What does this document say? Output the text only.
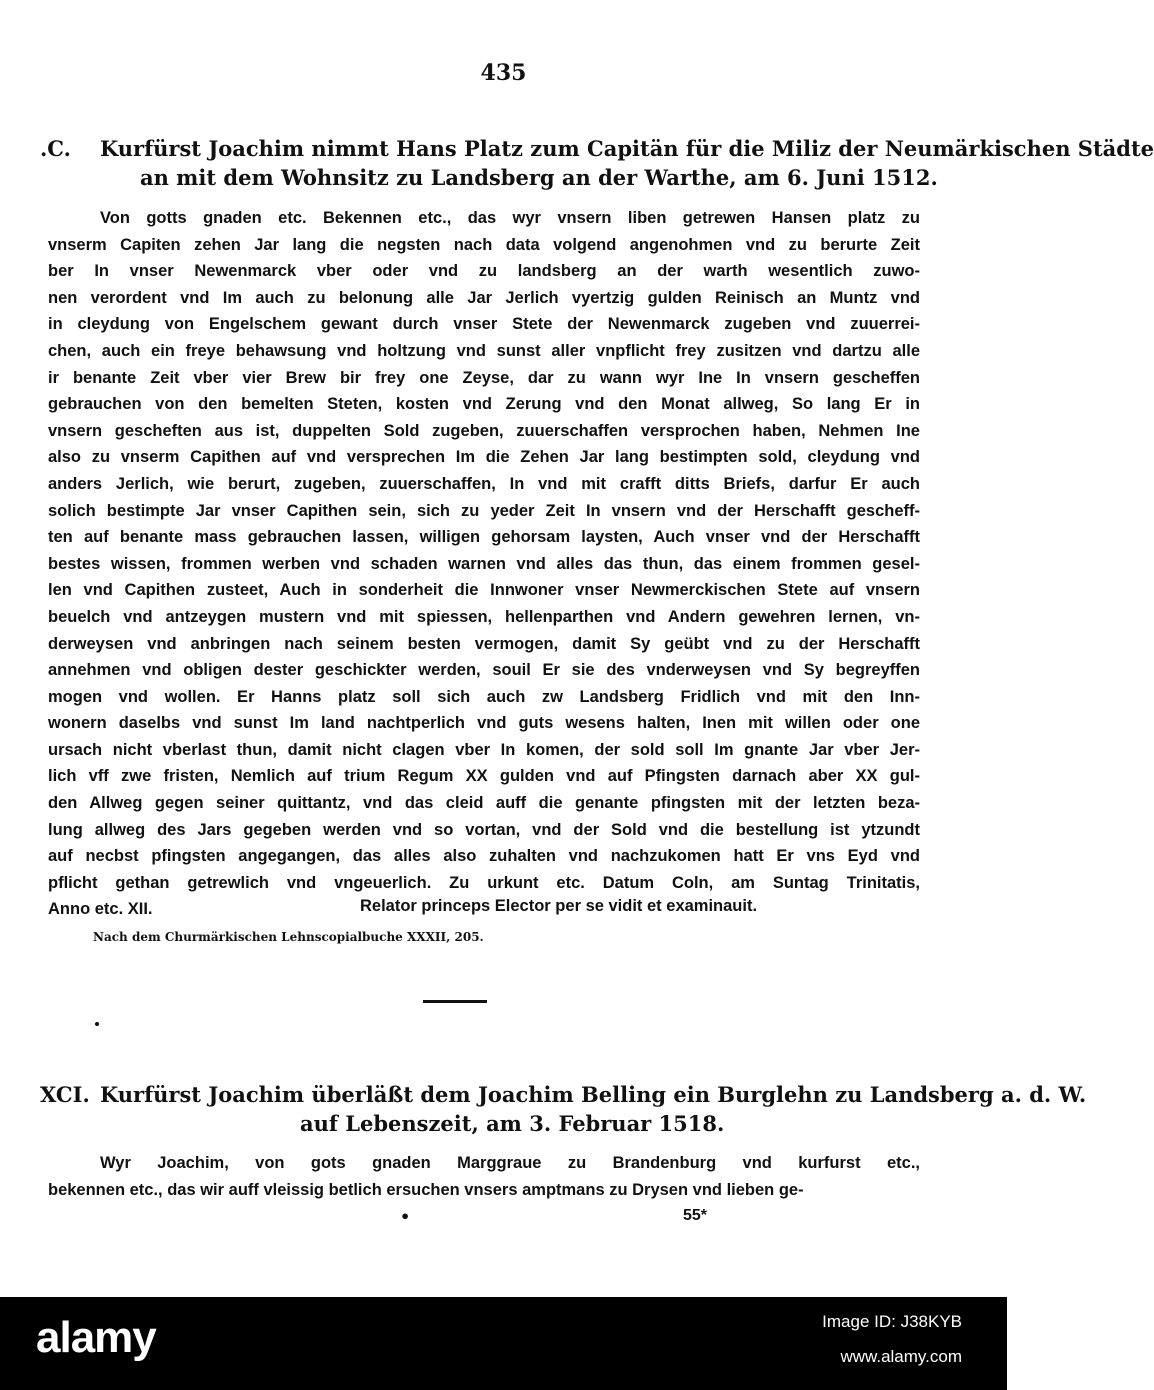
435
.C.	Kurfürst Joachim nimmt Hans Platz zum Capitän für die Miliz der Neumärkischen Städte
an mit dem Wohnsitz zu Landsberg an der Warthe, am 6. Juni 1512.
Von gotts gnaden etc. Bekennen etc., das wyr vnsern liben getrewen Hansen platz zu
vnserm Capiten zehen Jar lang die negsten nach data volgend angenohmen vnd zu berurte Zeit
ber In vnser Newenmarck vber oder vnd zu landsberg an der warth wesentlich zuwo-
nen verordent vnd Im auch zu belonung alle Jar Jerlich vyertzig gulden Reinisch an Muntz vnd
in cleydung von Engelschem gewant durch vnser Stete der Newenmarck zugeben vnd zuuerrei-
chen, auch ein freye behawsung vnd holtzung vnd sunst aller vnpflicht frey zusitzen vnd dartzu alle
ir benante Zeit vber vier Brew bir frey one Zeyse, dar zu wann wyr Ine In vnsern gescheffen
gebrauchen von den bemelten Steten, kosten vnd Zerung vnd den Monat allweg, So lang Er in
vnsern gescheften aus ist, duppelten Sold zugeben, zuuerschaffen versprochen haben, Nehmen Ine
also zu vnserm Capithen auf vnd versprechen Im die Zehen Jar lang bestimpten sold, cleydung vnd
anders Jerlich, wie berurt, zugeben, zuuerschaffen, In vnd mit crafft ditts Briefs, darfur Er auch
solich bestimpte Jar vnser Capithen sein, sich zu yeder Zeit In vnsern vnd der Herschafft gescheff-
ten auf benante mass gebrauchen lassen, willigen gehorsam laysten, Auch vnser vnd der Herschafft
bestes wissen, frommen werben vnd schaden warnen vnd alles das thun, das einem frommen gesel-
len vnd Capithen zusteet, Auch in sonderheit die Innwoner vnser Newmerckischen Stete auf vnsern
beuelch vnd antzeygen mustern vnd mit spiessen, hellenparthen vnd Andern gewehren lernen, vn-
derweysen vnd anbringen nach seinem besten vermogen, damit Sy geübt vnd zu der Herschafft
annehmen vnd obligen dester geschickter werden, souil Er sie des vnderweysen vnd Sy begreyffen
mogen vnd wollen. Er Hanns platz soll sich auch zw Landsberg Fridlich vnd mit den Inn-
wonern daselbs vnd sunst Im land nachtperlich vnd guts wesens halten, Inen mit willen oder one
ursach nicht vberlast thun, damit nicht clagen vber In komen, der sold soll Im gnante Jar vber Jer-
lich vff zwe fristen, Nemlich auf trium Regum XX gulden vnd auf Pfingsten darnach aber XX gul-
den Allweg gegen seiner quittantz, vnd das cleid auff die genante pfingsten mit der letzten beza-
lung allweg des Jars gegeben werden vnd so vortan, vnd der Sold vnd die bestellung ist ytzundt
auf necbst pfingsten angegangen, das alles also zuhalten vnd nachzukomen hatt Er vns Eyd vnd
pflicht gethan getrewlich vnd vngeuerlich. Zu urkunt etc. Datum Coln, am Suntag Trinitatis,
Anno etc. XII.	Relator princeps Elector per se vidit et examinauit.
Nach dem Churmärkischen Lehnscopialbuche XXXII, 205.
XCI. Kurfürst Joachim überläßt dem Joachim Belling ein Burglehn zu Landsberg a. d. W.
auf Lebenszeit, am 3. Februar 1518.
Wyr Joachim, von gots gnaden Marggraue zu Brandenburg vnd kurfurst etc.,
bekennen etc., das wir auff vleissig betlich ersuchen vnsers amptmans zu Drysen vnd lieben ge-
•	55*
alamy	Image ID: J38KYB
www.alamy.com
